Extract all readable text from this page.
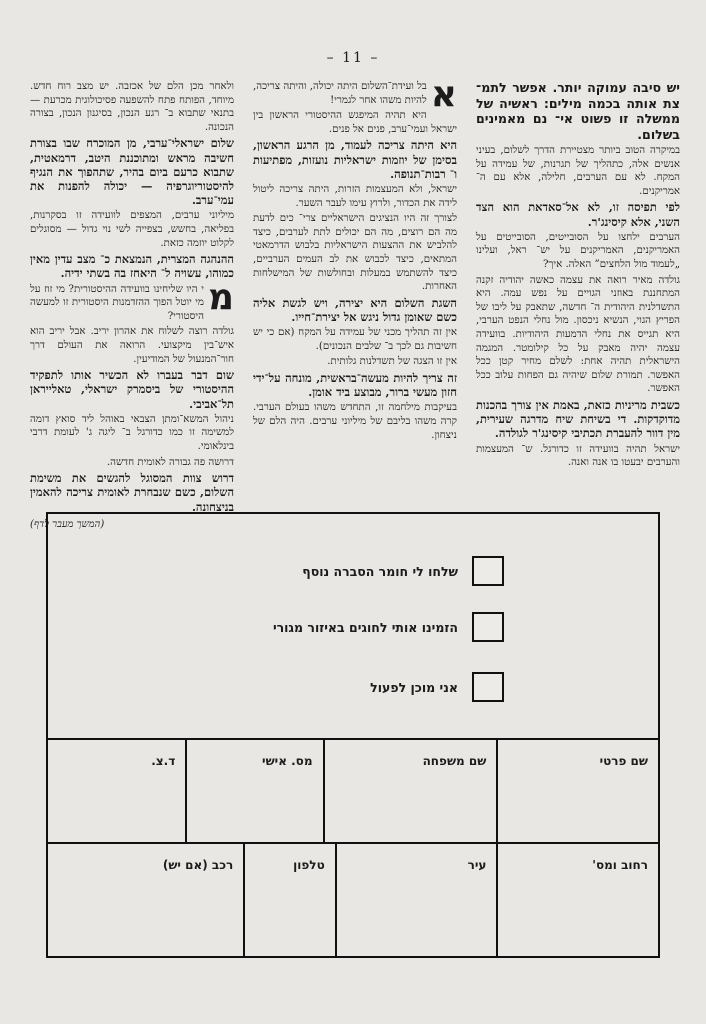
– 11 –

יש סיבה עמוקה יותר. אפשר לתמ־ צת אותה בכמה מילים: ראשיה של ממשלה זו פשוט אי־ נם מאמינים בשלום.

במיקרה הטוב ביותר מצטיירת הדרך לשלום, בעיני אנשים אלה, כתהליך של תגרנות, של עמידה על המקח. לא עם הערבים, חלילה, אלא עם ה־ אמריקנים.

לפי תפיסה זו, לא אל־סאדאת הוא הצד השני, אלא קיסינג'ר.

הערבים ילחצו על הסובייטים, הסובייטים על האמריקנים, האמריקנים על יש־ ראל, ועלינו „לעמוד מול הלחצים” האלה. איך?

גולדה מאיר רואה את עצמה כאשה יהודיה זקנה המתחננת באוזני הגויים על נפש עמה. היא התשדלנית היהודית ה־ חדשה, שתאבק על ליבו של הפריץ הגוי, הנשיא ניכסון. מול נחלי הנפט הערבי, היא תגייס את נחלי הדמעות היהודיות. בוועידה עצמה יהיה מאבק על כל קילומטר. המגמה הישראלית תהיה אחת: לשלם מחיר קטן ככל האפשר. תמורת שלום שיהיה גם הפחות עלוב ככל האפשר.

כשבית מריניות כזאת, באמת אין צורך בהכנות מדוקדקות. די בשיחת שיח מדרגה שעירית, מין דוור להעברת תכתיבי קיסינג'ר לגולדה.

ישראל תהיה בוועידה זו כדורגל. ש־ המעצמות והערבים יבעטו בו אנה ואנה.

א
בל ועידת־השלום היתה יכולה, והיתה צריכה, להיות משהו אחר לגמרי!

היא תהיה המיפגש ההיסטורי הראשון בין ישראל ועמי־ערב, פנים אל פנים.

היא היתה צריכה לעמוד, מן הרגע הראשון, בסימן של יוזמות ישראליות נועזות, מפתיעות ו־ רבות־תנופה.

ישראל, ולא המעצמות הזרות, היתה צריכה ליטול לידה את הכדור, ולרוץ עימו לעבר השער.

לצורך זה היו הנציגים הישראליים צרי־ כים לדעת מה הם רוצים, מה הם יכולים לתת לערבים, כיצד להלביש את ההצעות הישראליות בלבוש הדרמאטי המתאים, כיצד לכבוש את לב העמים הערביים, כיצד להשתמש במעלות ובחולשות של המישלחות האחרות.

השגת השלום היא יצירה, ויש לגשת אליה כשם שאומן גדול ניגש אל יצירת־חייו.

אין זה תהליך מכני של עמידה על המקח (אם כי יש חשיבות גם לכך ב־ שלבים הנכונים).

אין זו הצגה של תשדלנות גלותית.

זה צריך להיות מעשה־בראשית, מונחה על־ידי חזון מעשי ברור, מבוצע ביד אומן.

בעיקבות מילחמה זו, התחדש משהו בעולם הערבי. קרה משהו בליבם של מיליוני ערבים. היה הלם של ניצחון.

ולאחר מכן הלם של אכזבה. יש מצב רוח חדש. מיוחד, הפותח פתח להשפעה פסיכולוגית מכרעת — בתנאי שתבוא ב־ רגע הנכון, בסיגנון הנכון, בצורה הנכונה.

שלום ישראלי־ערבי, מן המוכרח שבו בצורת חשיבה מראש ומתוכננת היטב, דרמאטית, שתבוא כרעם ביום בהיר, שתהפוך את הנגיף להיסטוריוגרפיה — יכולה להפנות את עמי־ערב.

מיליוני ערבים, המצפים לוועידה זו בסקרנות, בפליאה, בחשש, בצפייה לשי נוי גדול — מסוגלים לקלוט יוזמה כזאת.

ההנהגה המצרית, הנמצאת כ־ מצב עדין מאין כמוהו, עשויה ל־ היאחז בה בשתי ידיה.

מ
י היו שליחינו בוועידה ההיסטורית? מי זוז על מי יוטל הפוך ההזדמנות היסטורית זו למעשה היסטורי?

גולדה רוצה לשלוח את אהרון יריב. אבל יריב הוא איש־בין מיקצועי. הרואה את העולם דרך חור־המנעול של המודיעין.

שום דבר בעברו לא הכשיר אותו לתפקיד ההיסטורי של ביסמרק ישראלי, טאלייראן תל־אביבי.

ניהול המשא־ומתן הצבאי באוהל ליד סואץ דומה למשימה זו כמו כדורגל ב־ ליגה ג' לעומת דרבי בינלאומי.

דרושה פה גבורה לאומית חדשה.

דרוש צוות המסוגל להגשים את משימת השלום, כשם שנבחרת לאומית צריכה להאמין בניצחונה.

(המשך מעבר לדף)
שלחו לי חומר הסברה נוסף
הזמינו אותי לחוגים באיזור מגורי
אני מוכן לפעול
שם פרטי
שם משפחה
מס. אישי
ד.צ.
רחוב ומס'
עיר
טלפון
רכב (אם יש)
